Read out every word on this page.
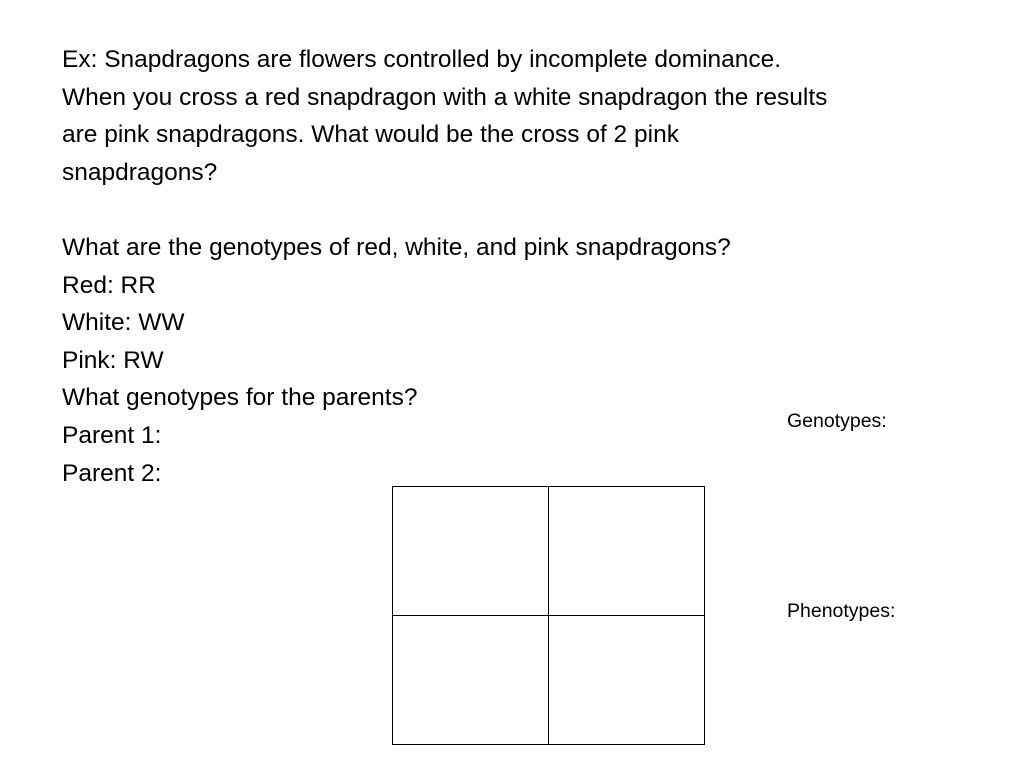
Ex: Snapdragons are flowers controlled by incomplete dominance.
When you cross a red snapdragon with a white snapdragon the results
are pink snapdragons. What would be the cross of 2 pink
snapdragons?
What are the genotypes of red, white, and pink snapdragons?
Red: RR
White: WW
Pink: RW
What genotypes for the parents?
Parent 1:
Parent 2:
Genotypes:
Phenotypes:
